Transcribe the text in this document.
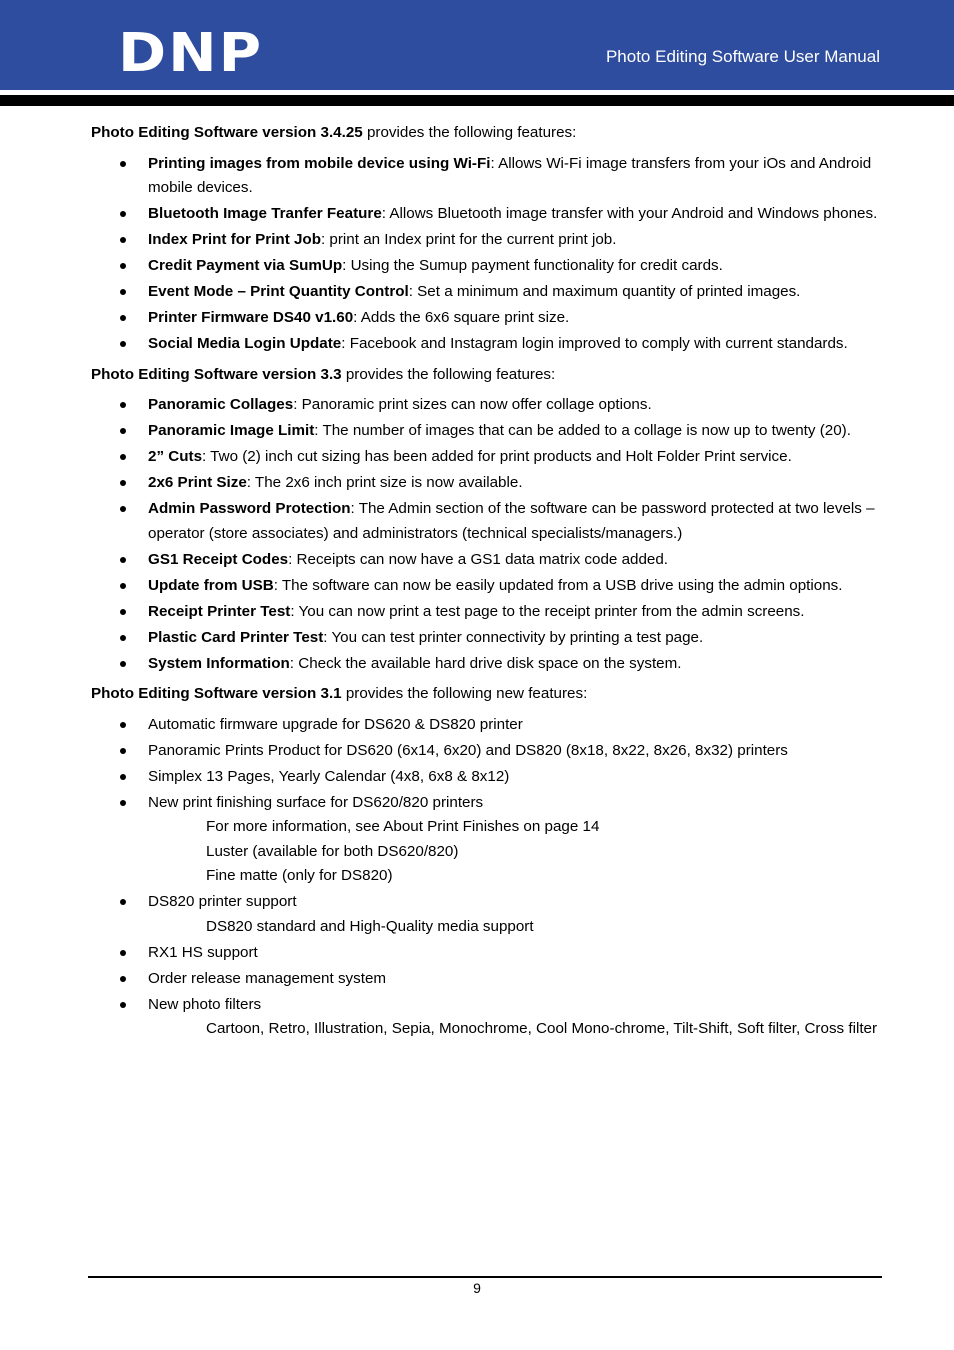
DNP	Photo Editing Software User Manual
Photo Editing Software version 3.4.25 provides the following features:
Printing images from mobile device using Wi-Fi: Allows Wi-Fi image transfers from your iOs and Android mobile devices.
Bluetooth Image Tranfer Feature: Allows Bluetooth image transfer with your Android and Windows phones.
Index Print for Print Job: print an Index print for the current print job.
Credit Payment via SumUp: Using the Sumup payment functionality for credit cards.
Event Mode – Print Quantity Control: Set a minimum and maximum quantity of printed images.
Printer Firmware DS40 v1.60: Adds the 6x6 square print size.
Social Media Login Update: Facebook and Instagram login improved to comply with current standards.
Photo Editing Software version 3.3 provides the following features:
Panoramic Collages: Panoramic print sizes can now offer collage options.
Panoramic Image Limit: The number of images that can be added to a collage is now up to twenty (20).
2” Cuts: Two (2) inch cut sizing has been added for print products and Holt Folder Print service.
2x6 Print Size: The 2x6 inch print size is now available.
Admin Password Protection: The Admin section of the software can be password protected at two levels – operator (store associates) and administrators (technical specialists/managers.)
GS1 Receipt Codes: Receipts can now have a GS1 data matrix code added.
Update from USB: The software can now be easily updated from a USB drive using the admin options.
Receipt Printer Test: You can now print a test page to the receipt printer from the admin screens.
Plastic Card Printer Test: You can test printer connectivity by printing a test page.
System Information: Check the available hard drive disk space on the system.
Photo Editing Software version 3.1 provides the following new features:
Automatic firmware upgrade for DS620 & DS820 printer
Panoramic Prints Product for DS620 (6x14, 6x20) and DS820 (8x18, 8x22, 8x26, 8x32) printers
Simplex 13 Pages, Yearly Calendar (4x8, 6x8 & 8x12)
New print finishing surface for DS620/820 printers
For more information, see About Print Finishes on page 14
Luster (available for both DS620/820)
Fine matte (only for DS820)
DS820 printer support
DS820 standard and High-Quality media support
RX1 HS support
Order release management system
New photo filters
Cartoon, Retro, Illustration, Sepia, Monochrome, Cool Mono-chrome, Tilt-Shift, Soft filter, Cross filter
9
